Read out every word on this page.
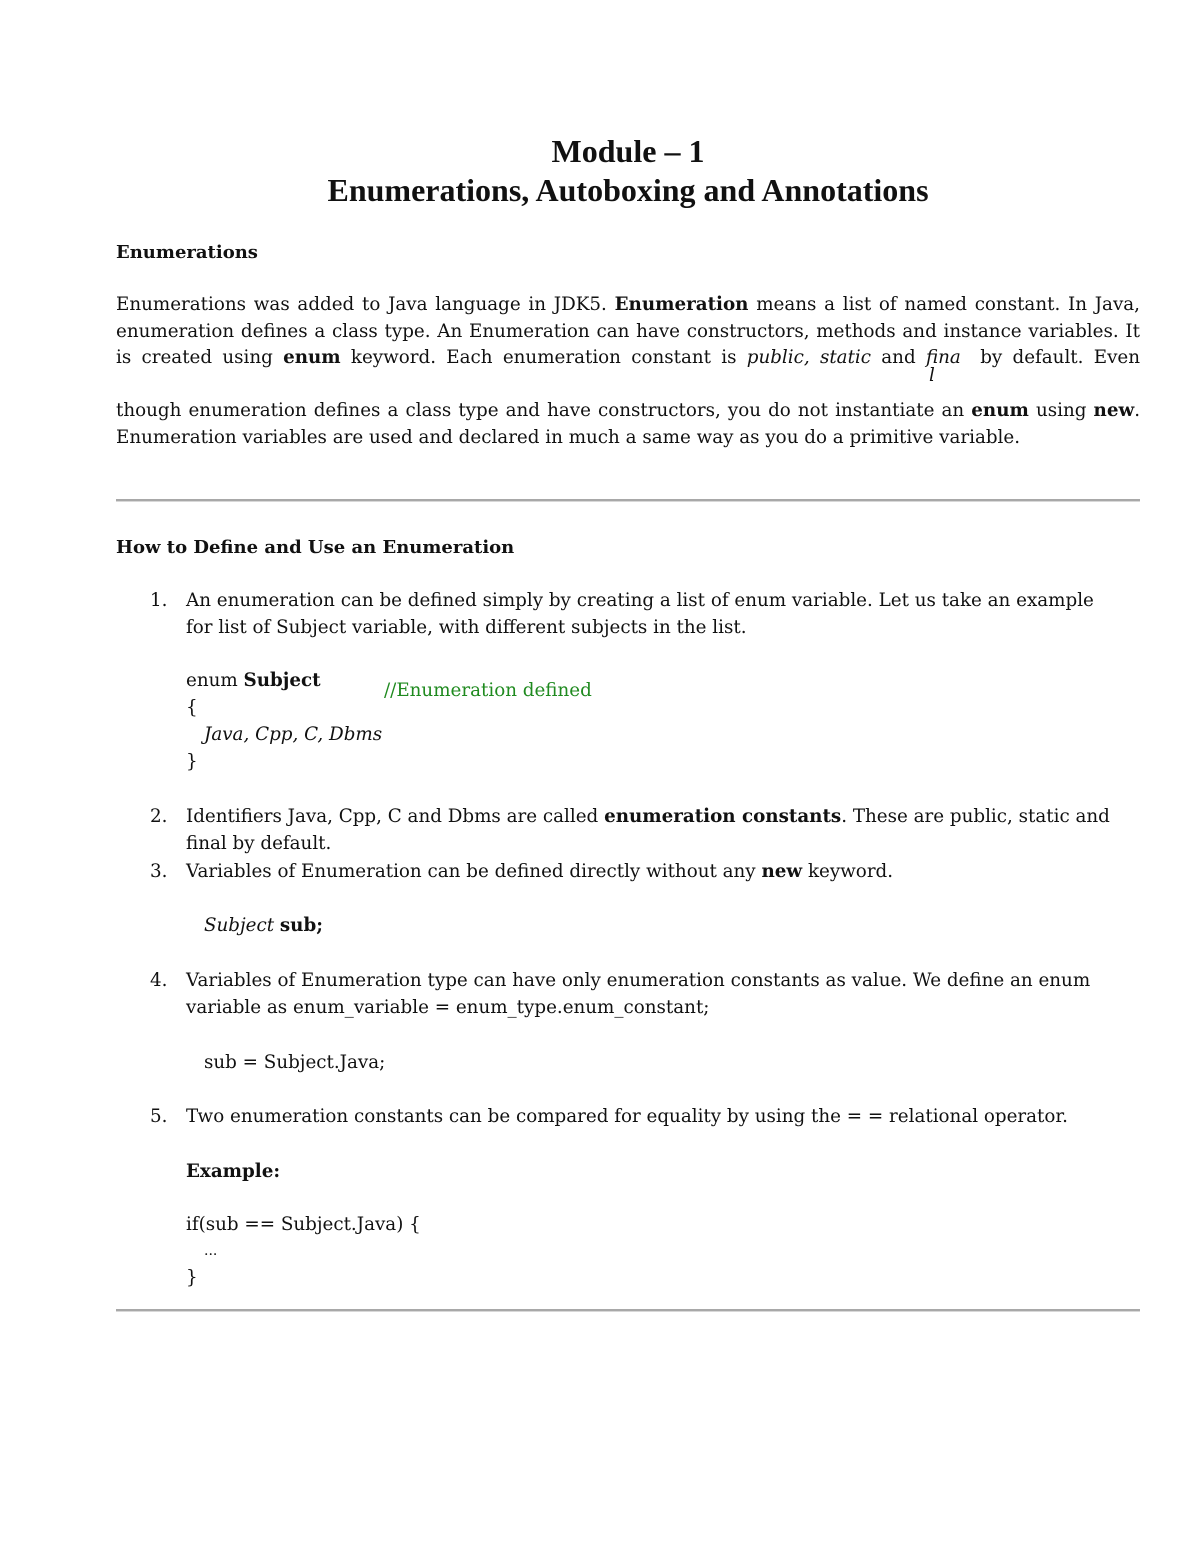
Module – 1
Enumerations, Autoboxing and Annotations
Enumerations
Enumerations was added to Java language in JDK5. Enumeration means a list of named constant. In Java,
enumeration defines a class type. An Enumeration can have constructors, methods and instance variables. It
is created using enum keyword. Each enumeration constant is public, static and fina
l
by default. Even
though enumeration defines a class type and have constructors, you do not instantiate an enum using new.
Enumeration variables are used and declared in much a same way as you do a primitive variable.
How to Define and Use an Enumeration
1. An enumeration can be defined simply by creating a list of enum variable. Let us take an example
for list of Subject variable, with different subjects in the list.
enum Subject	//Enumeration defined
{
Java, Cpp, C, Dbms
}
2. Identifiers Java, Cpp, C and Dbms are called enumeration constants. These are public, static and
final by default.
3. Variables of Enumeration can be defined directly without any new keyword.
Subject sub;
4. Variables of Enumeration type can have only enumeration constants as value. We define an enum
variable as enum_variable = enum_type.enum_constant;
sub = Subject.Java;
5. Two enumeration constants can be compared for equality by using the = = relational operator.
Example:
if(sub == Subject.Java) {
...
}
